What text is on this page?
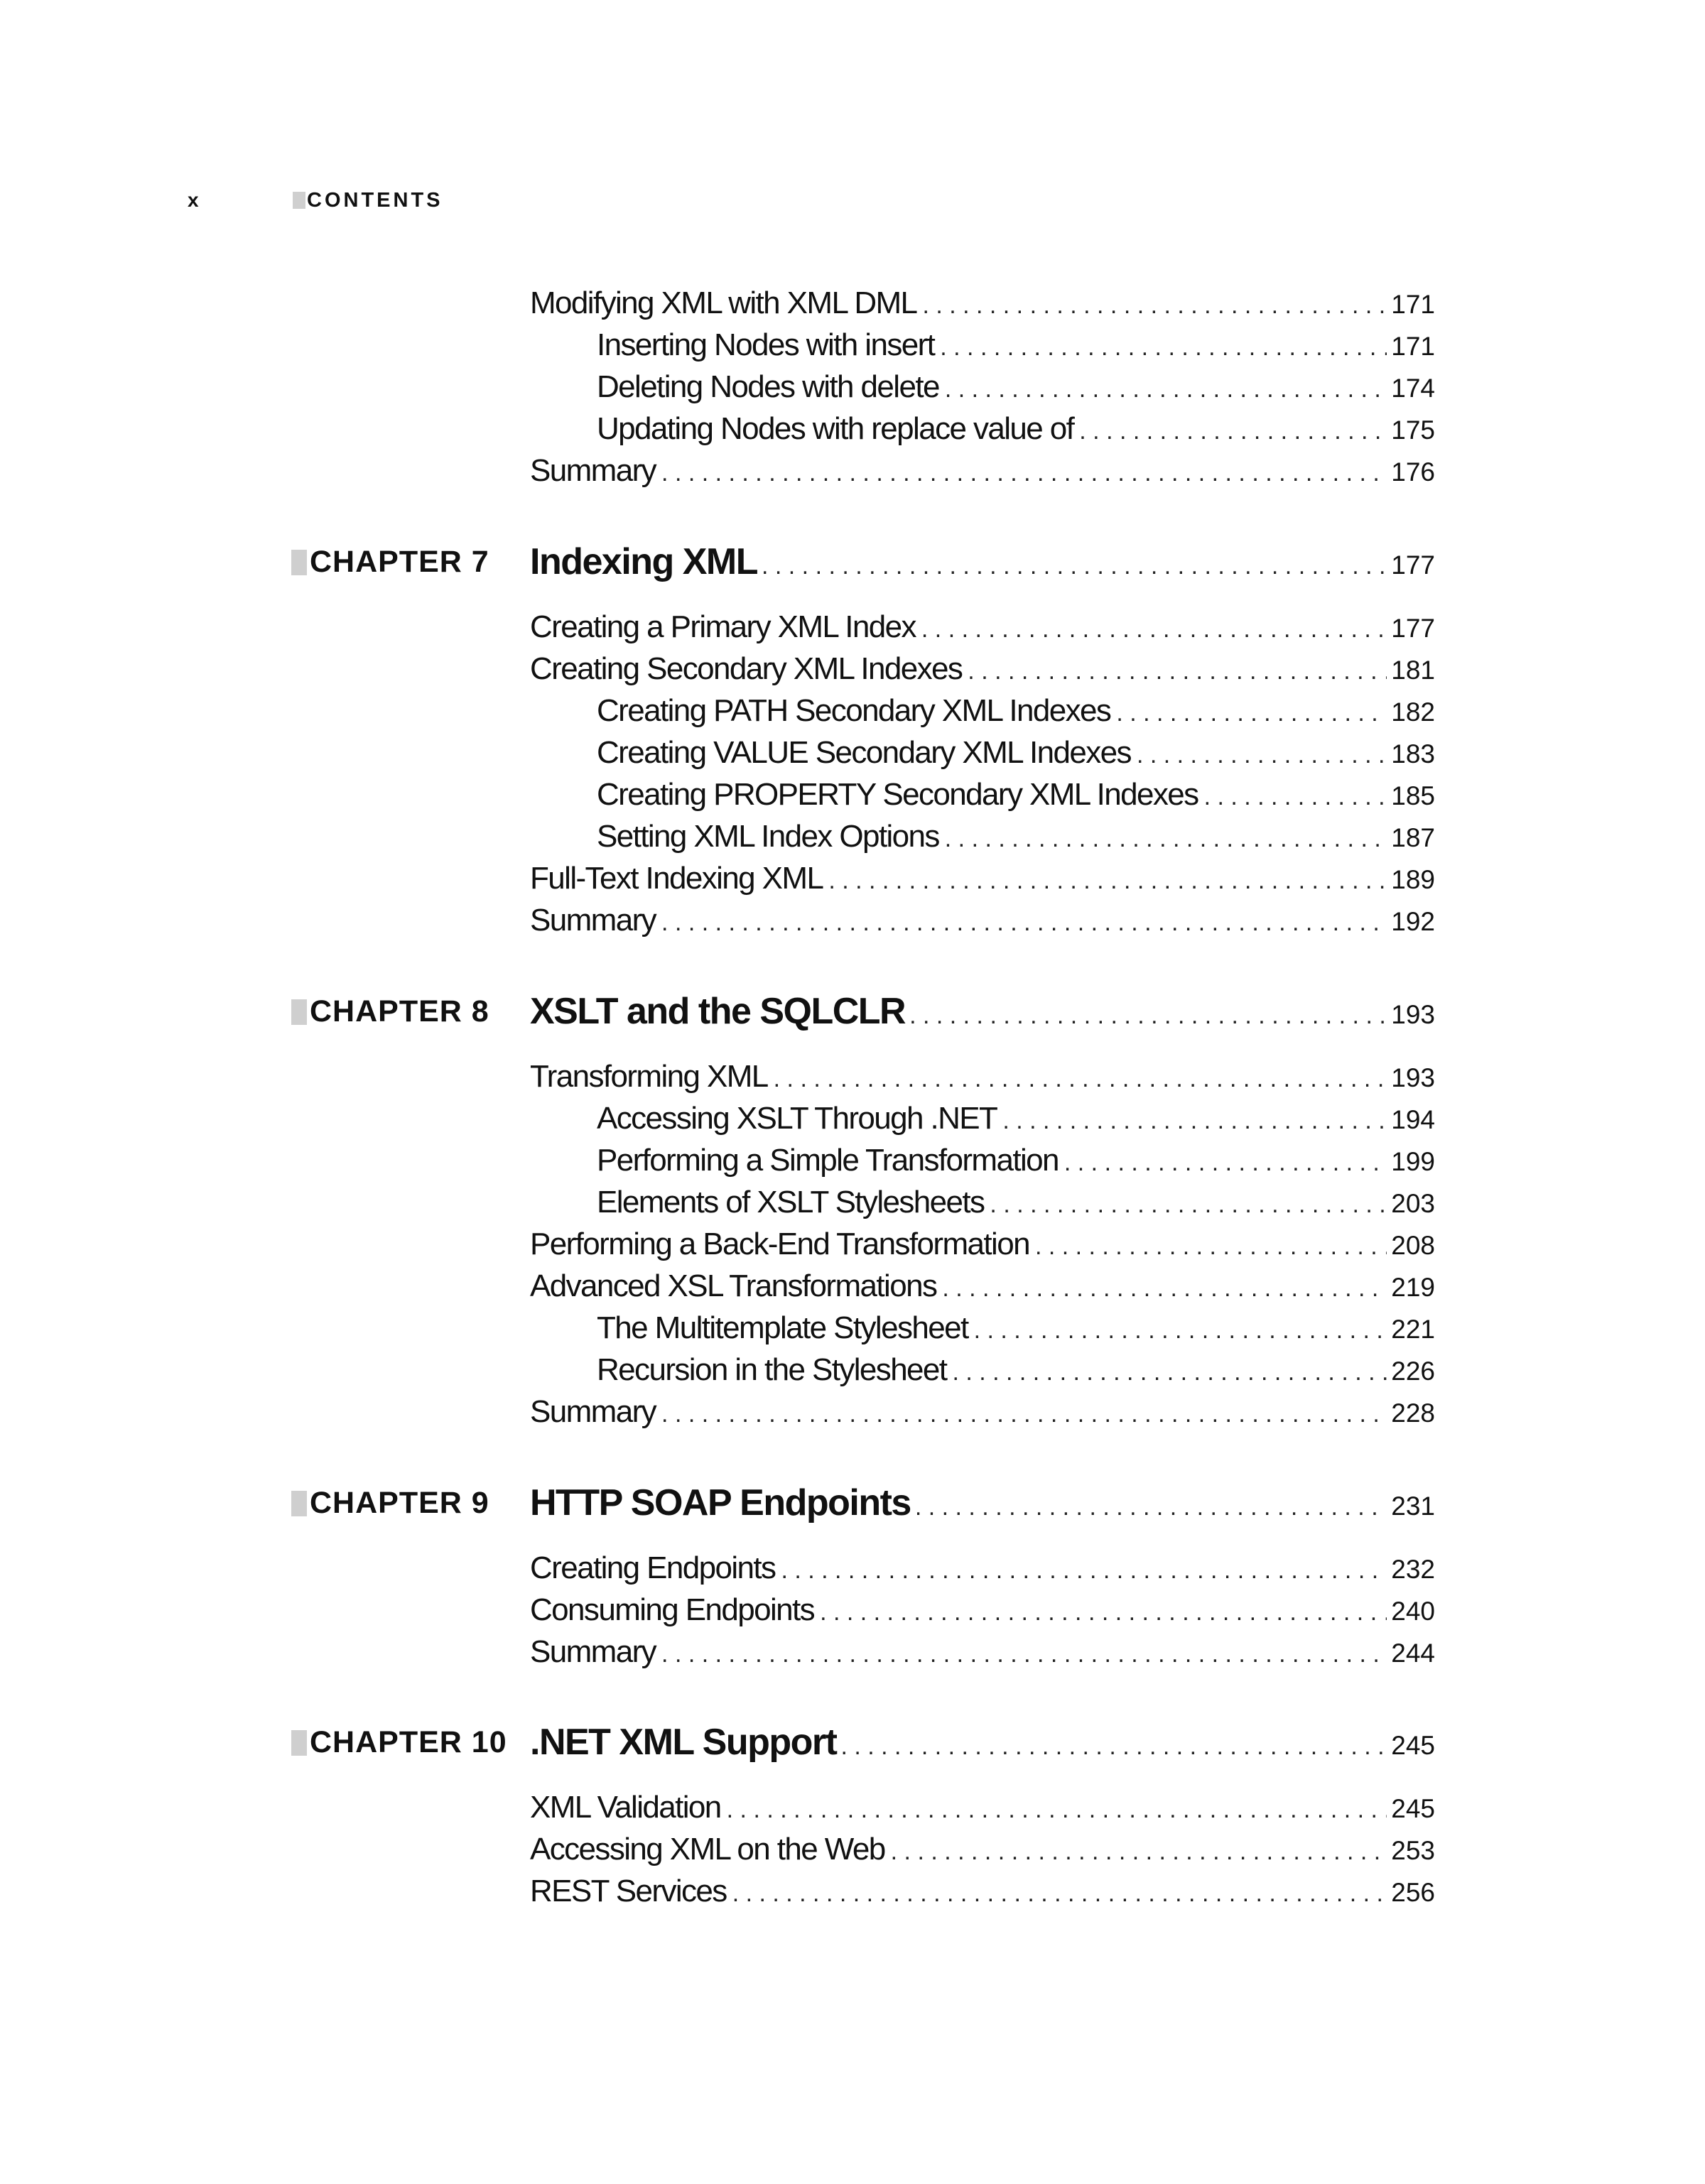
x	CONTENTS
Modifying XML with XML DML . . .	171
Inserting Nodes with insert . . .	171
Deleting Nodes with delete . . .	174
Updating Nodes with replace value of . . .	175
Summary . . .	176
CHAPTER 7 Indexing XML . . .	177
Creating a Primary XML Index . . .	177
Creating Secondary XML Indexes . . .	181
Creating PATH Secondary XML Indexes . . .	182
Creating VALUE Secondary XML Indexes . . .	183
Creating PROPERTY Secondary XML Indexes . . .	185
Setting XML Index Options . . .	187
Full-Text Indexing XML . . .	189
Summary . . .	192
CHAPTER 8 XSLT and the SQLCLR . . .	193
Transforming XML . . .	193
Accessing XSLT Through .NET . . .	194
Performing a Simple Transformation . . .	199
Elements of XSLT Stylesheets . . .	203
Performing a Back-End Transformation . . .	208
Advanced XSL Transformations . . .	219
The Multitemplate Stylesheet . . .	221
Recursion in the Stylesheet . . .	226
Summary . . .	228
CHAPTER 9 HTTP SOAP Endpoints . . .	231
Creating Endpoints . . .	232
Consuming Endpoints . . .	240
Summary . . .	244
CHAPTER 10 .NET XML Support . . .	245
XML Validation . . .	245
Accessing XML on the Web . . .	253
REST Services . . .	256
